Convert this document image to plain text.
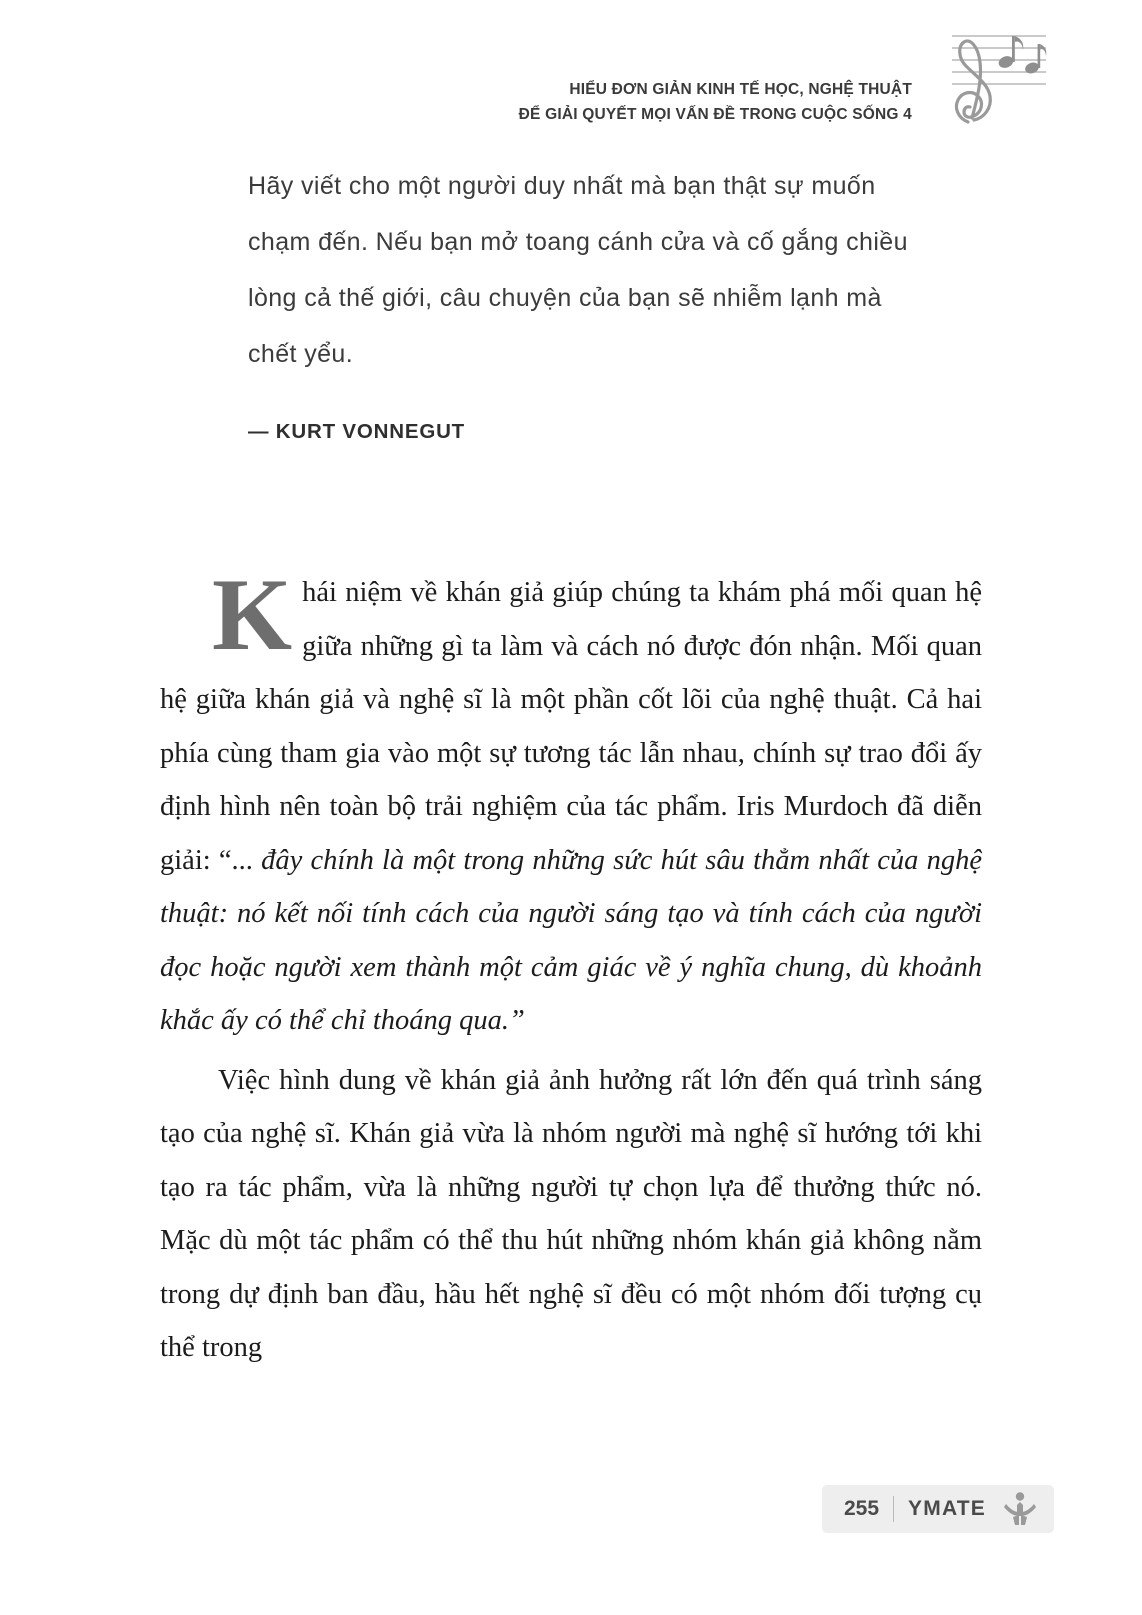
HIỂU ĐƠN GIẢN KINH TẾ HỌC, NGHỆ THUẬT
ĐỂ GIẢI QUYẾT MỌI VẤN ĐỀ TRONG CUỘC SỐNG 4

Hãy viết cho một người duy nhất mà bạn thật sự muốn chạm đến. Nếu bạn mở toang cánh cửa và cố gắng chiều lòng cả thế giới, câu chuyện của bạn sẽ nhiễm lạnh mà chết yểu.

— KURT VONNEGUT

Khái niệm về khán giả giúp chúng ta khám phá mối quan hệ giữa những gì ta làm và cách nó được đón nhận. Mối quan hệ giữa khán giả và nghệ sĩ là một phần cốt lõi của nghệ thuật. Cả hai phía cùng tham gia vào một sự tương tác lẫn nhau, chính sự trao đổi ấy định hình nên toàn bộ trải nghiệm của tác phẩm. Iris Murdoch đã diễn giải: “... đây chính là một trong những sức hút sâu thẳm nhất của nghệ thuật: nó kết nối tính cách của người sáng tạo và tính cách của người đọc hoặc người xem thành một cảm giác về ý nghĩa chung, dù khoảnh khắc ấy có thể chỉ thoáng qua.”

Việc hình dung về khán giả ảnh hưởng rất lớn đến quá trình sáng tạo của nghệ sĩ. Khán giả vừa là nhóm người mà nghệ sĩ hướng tới khi tạo ra tác phẩm, vừa là những người tự chọn lựa để thưởng thức nó. Mặc dù một tác phẩm có thể thu hút những nhóm khán giả không nằm trong dự định ban đầu, hầu hết nghệ sĩ đều có một nhóm đối tượng cụ thể trong

255 YMATE
